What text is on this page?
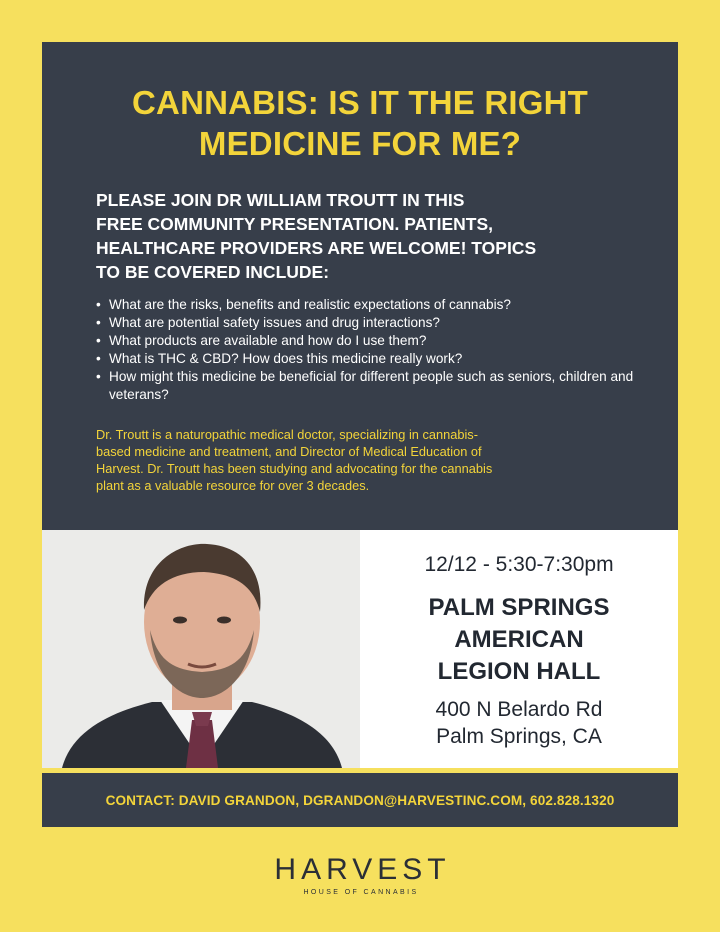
CANNABIS: IS IT THE RIGHT
MEDICINE FOR ME?
PLEASE JOIN DR WILLIAM TROUTT IN THIS
FREE COMMUNITY PRESENTATION. PATIENTS,
HEALTHCARE PROVIDERS ARE WELCOME! TOPICS
TO BE COVERED INCLUDE:
• What are the risks, benefits and realistic expectations of cannabis?
• What are potential safety issues and drug interactions?
• What products are available and how do I use them?
• What is THC & CBD? How does this medicine really work?
• How might this medicine be beneficial for different people such as seniors, children and veterans?
Dr. Troutt is a naturopathic medical doctor, specializing in cannabis-
based medicine and treatment, and Director of Medical Education of
Harvest. Dr. Troutt has been studying and advocating for the cannabis
plant as a valuable resource for over 3 decades.
12/12 - 5:30-7:30pm
PALM SPRINGS
AMERICAN
LEGION HALL
400 N Belardo Rd
Palm Springs, CA
CONTACT: DAVID GRANDON, DGRANDON@HARVESTINC.COM, 602.828.1320
HARVEST
HOUSE OF CANNABIS
